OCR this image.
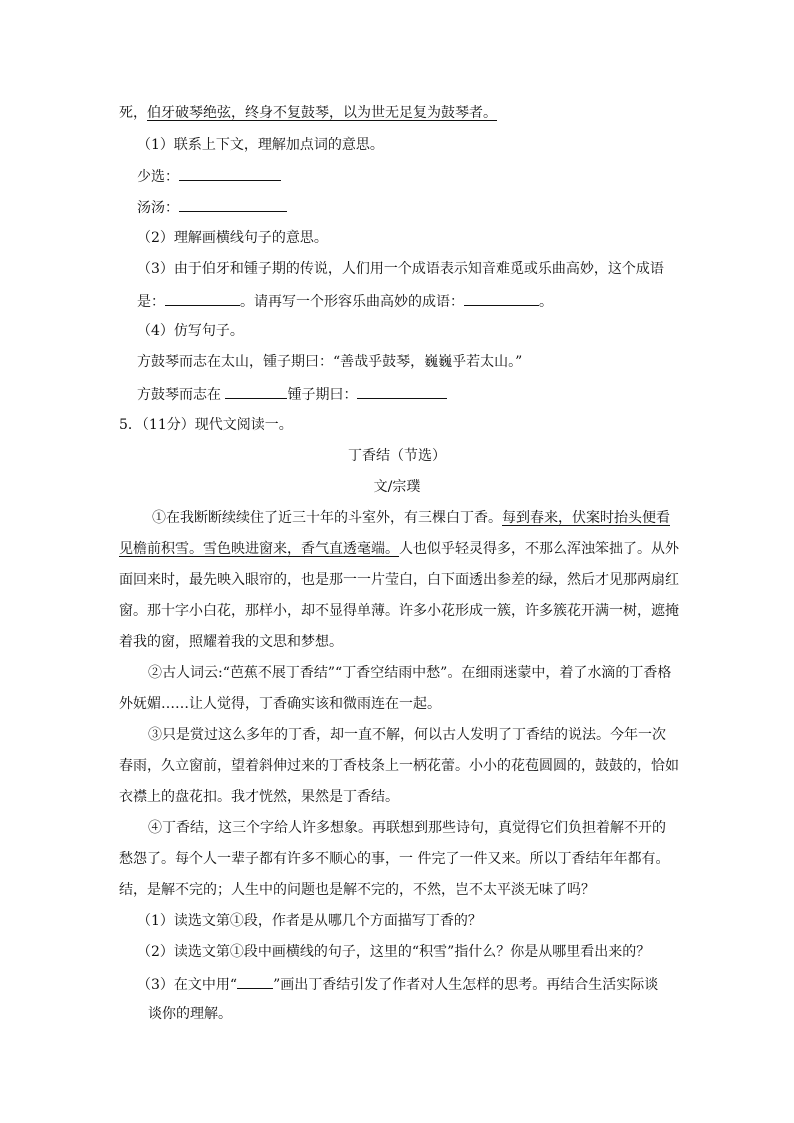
死，伯牙破琴绝弦，终身不复鼓琴，以为世无足复为鼓琴者。
（1）联系上下文，理解加点词的意思。
少选：
汤汤：
（2）理解画横线句子的意思。
（3）由于伯牙和锺子期的传说，人们用一个成语表示知音难觅或乐曲高妙，这个成语
是：	。请再写一个形容乐曲高妙的成语：	。
（4）仿写句子。
方鼓琴而志在太山，锺子期曰：“善哉乎鼓琴，巍巍乎若太山。”
方鼓琴而志在	锺子期曰：
5．（11分）现代文阅读一。
丁香结（节选）
文/宗璞
①在我断断续续住了近三十年的斗室外，有三棵白丁香。每到春来，伏案时抬头便看
见檐前积雪。雪色映进窗来，香气直透毫端。人也似乎轻灵得多，不那么浑浊笨拙了。从外
面回来时，最先映入眼帘的，也是那一一片莹白，白下面透出参差的绿，然后才见那两扇红
窗。那十字小白花，那样小，却不显得单薄。许多小花形成一簇，许多簇花开满一树，遮掩
着我的窗，照耀着我的文思和梦想。
②古人词云:“芭蕉不展丁香结”“丁香空结雨中愁”。在细雨迷蒙中，着了水滴的丁香格
外妩媚……让人觉得，丁香确实该和微雨连在一起。
③只是赏过这么多年的丁香，却一直不解，何以古人发明了丁香结的说法。今年一次
春雨，久立窗前，望着斜伸过来的丁香枝条上一柄花蕾。小小的花苞圆圆的，鼓鼓的，恰如
衣襟上的盘花扣。我才恍然，果然是丁香结。
④丁香结，这三个字给人许多想象。再联想到那些诗句，真觉得它们负担着解不开的
愁怨了。每个人一辈子都有许多不顺心的事，一 件完了一件又来。所以丁香结年年都有。
结，是解不完的；人生中的问题也是解不完的，不然，岂不太平淡无味了吗？
（1）读选文第①段，作者是从哪几个方面描写丁香的？
（2）读选文第①段中画横线的句子，这里的“积雪”指什么？你是从哪里看出来的？
（3）在文中用“	”画出丁香结引发了作者对人生怎样的思考。再结合生活实际谈
谈你的理解。
